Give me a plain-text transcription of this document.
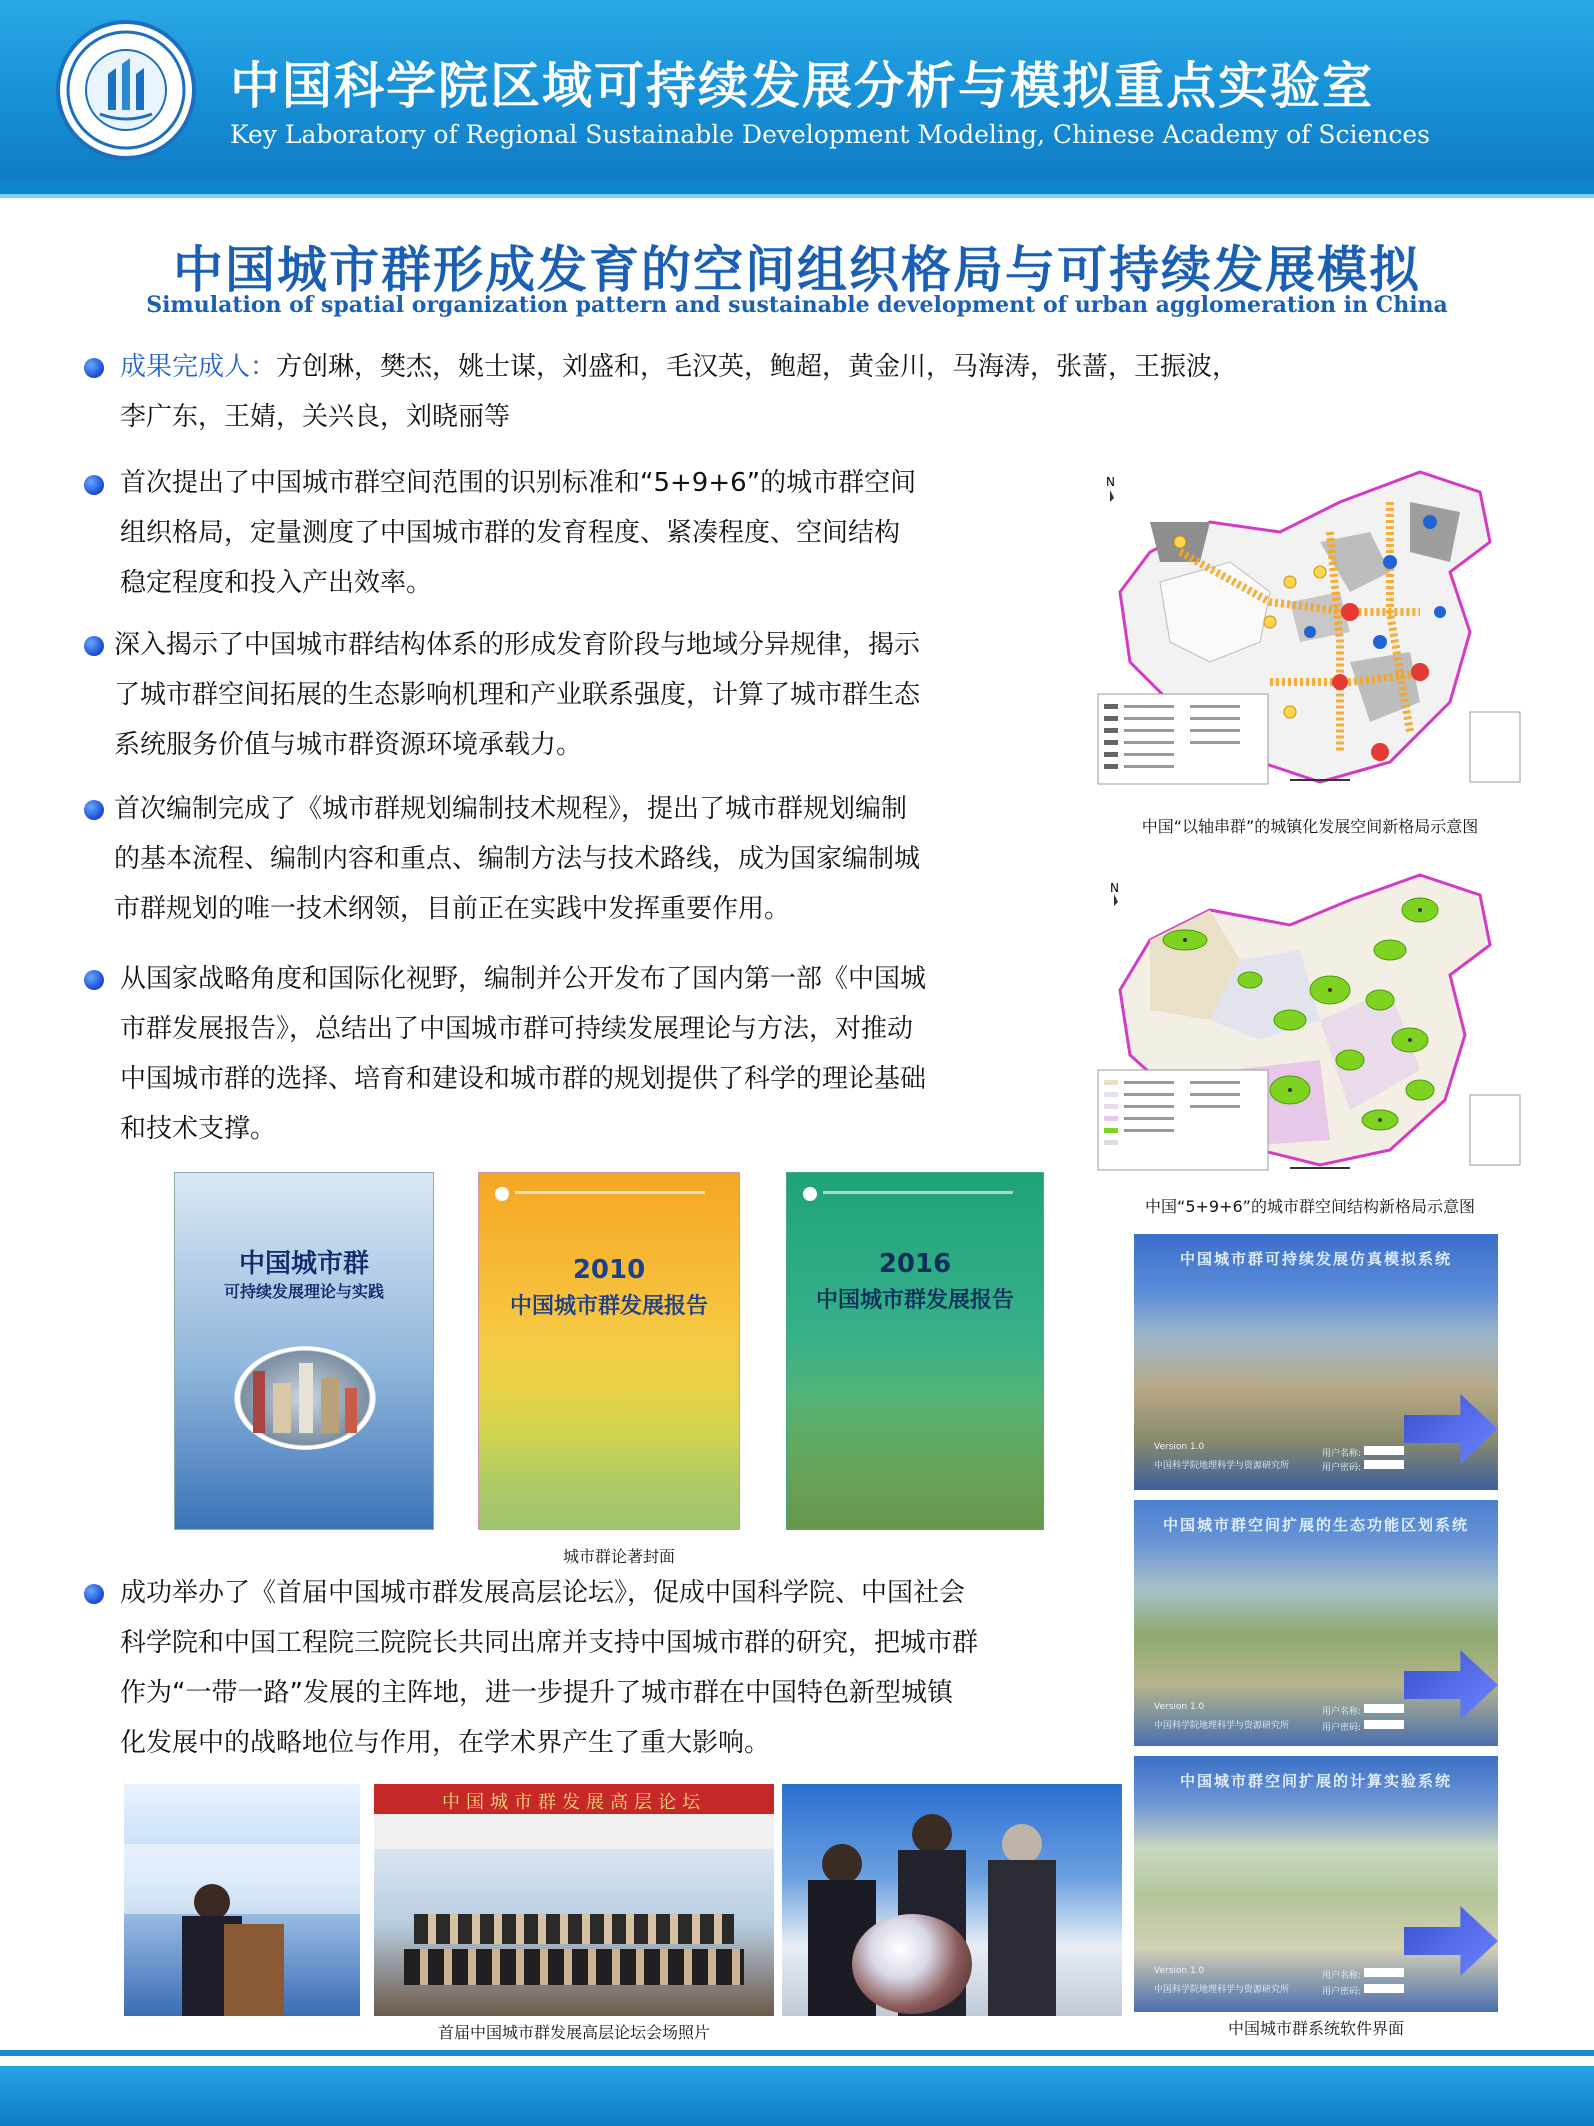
中国科学院区域可持续发展分析与模拟重点实验室
Key Laboratory of Regional Sustainable Development Modeling, Chinese Academy of Sciences
中国城市群形成发育的空间组织格局与可持续发展模拟
Simulation of spatial organization pattern and sustainable development of urban agglomeration in China
成果完成人：方创琳，樊杰，姚士谋，刘盛和，毛汉英，鲍超，黄金川，马海涛，张蔷，王振波，
李广东，王婧，关兴良，刘晓丽等
首次提出了中国城市群空间范围的识别标准和“5+9+6”的城市群空间
组织格局，定量测度了中国城市群的发育程度、紧凑程度、空间结构
稳定程度和投入产出效率。
深入揭示了中国城市群结构体系的形成发育阶段与地域分异规律，揭示
了城市群空间拓展的生态影响机理和产业联系强度，计算了城市群生态
系统服务价值与城市群资源环境承载力。
首次编制完成了《城市群规划编制技术规程》，提出了城市群规划编制
的基本流程、编制内容和重点、编制方法与技术路线，成为国家编制城
市群规划的唯一技术纲领，目前正在实践中发挥重要作用。
从国家战略角度和国际化视野，编制并公开发布了国内第一部《中国城
市群发展报告》，总结出了中国城市群可持续发展理论与方法，对推动
中国城市群的选择、培育和建设和城市群的规划提供了科学的理论基础
和技术支撑。
N
中国“以轴串群”的城镇化发展空间新格局示意图
N
中国“5+9+6”的城市群空间结构新格局示意图
中国城市群
可持续发展理论与实践
2010
中国城市群发展报告
2016
中国城市群发展报告
城市群论著封面
成功举办了《首届中国城市群发展高层论坛》，促成中国科学院、中国社会
科学院和中国工程院三院院长共同出席并支持中国城市群的研究，把城市群
作为“一带一路”发展的主阵地，进一步提升了城市群在中国特色新型城镇
化发展中的战略地位与作用，在学术界产生了重大影响。
中国城市群可持续发展仿真模拟系统
Version 1.0
中国科学院地理科学与资源研究所
用户名称:
用户密码:
中国城市群空间扩展的生态功能区划系统
Version 1.0
中国科学院地理科学与资源研究所
用户名称:
用户密码:
中国城市群空间扩展的计算实验系统
Version 1.0
中国科学院地理科学与资源研究所
用户名称:
用户密码:
中国城市群系统软件界面
中国城市群发展高层论坛
首届中国城市群发展高层论坛会场照片
